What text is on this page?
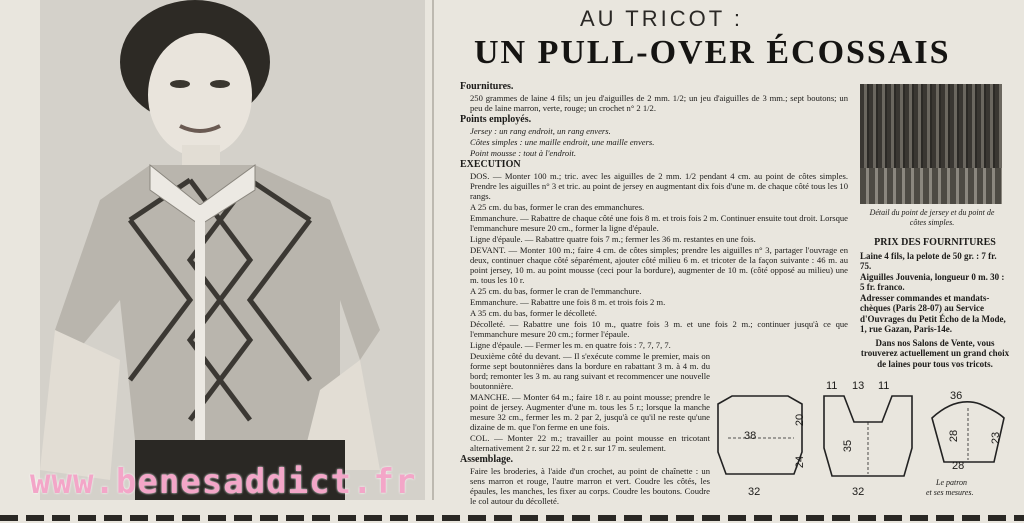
www.benesaddict.fr
AU TRICOT :
UN PULL-OVER ÉCOSSAIS
Fournitures.
250 grammes de laine 4 fils; un jeu d'aiguilles de 2 mm. 1/2; un jeu d'aiguilles de 3 mm.; sept boutons; un peu de laine marron, verte, rouge; un crochet n° 2 1/2.
Points employés.
Jersey : un rang endroit, un rang envers.
Côtes simples : une maille endroit, une maille envers.
Point mousse : tout à l'endroit.
EXECUTION
DOS. — Monter 100 m.; tric. avec les aiguilles de 2 mm. 1/2 pendant 4 cm. au point de côtes simples. Prendre les aiguilles n° 3 et tric. au point de jersey en augmentant dix fois d'une m. de chaque côté tous les 10 rangs.
A 25 cm. du bas, former le cran des emmanchures.
Emmanchure. — Rabattre de chaque côté une fois 8 m. et trois fois 2 m. Continuer ensuite tout droit. Lorsque l'emmanchure mesure 20 cm., former la ligne d'épaule.
Ligne d'épaule. — Rabattre quatre fois 7 m.; fermer les 36 m. restantes en une fois.
DEVANT. — Monter 100 m.; faire 4 cm. de côtes simples; prendre les aiguilles n° 3, partager l'ouvrage en deux, continuer chaque côté séparément, ajouter côté milieu 6 m. et tricoter de la façon suivante : 46 m. au point jersey, 10 m. au point mousse (ceci pour la bordure), augmenter de 10 m. (côté opposé au milieu) une m. tous les 10 r.
A 25 cm. du bas, former le cran de l'emmanchure.
Emmanchure. — Rabattre une fois 8 m. et trois fois 2 m.
A 35 cm. du bas, former le décolleté.
Décolleté. — Rabattre une fois 10 m., quatre fois 3 m. et une fois 2 m.; continuer jusqu'à ce que l'emmanchure mesure 20 cm.; former l'épaule.
Ligne d'épaule. — Fermer les m. en quatre fois : 7, 7, 7, 7.
Deuxième côté du devant. — Il s'exécute comme le premier, mais on forme sept boutonnières dans la bordure en rabattant 3 m. à 4 m. du bord; remonter les 3 m. au rang suivant et recommencer une nouvelle boutonnière.
MANCHE. — Monter 64 m.; faire 18 r. au point mousse; prendre le point de jersey. Augmenter d'une m. tous les 5 r.; lorsque la manche mesure 32 cm., fermer les m. 2 par 2, jusqu'à ce qu'il ne reste qu'une dizaine de m. que l'on ferme en une fois.
COL. — Monter 22 m.; travailler au point mousse en tricotant alternativement 2 r. sur 22 m. et 2 r. sur 17 m. seulement.
Assemblage.
Faire les broderies, à l'aide d'un crochet, au point de chaînette : un sens marron et rouge, l'autre marron et vert. Coudre les côtés, les épaules, les manches, les fixer au corps. Coudre les boutons. Coudre le col autour du décolleté.
Détail du point de jersey et du point de côtes simples.
PRIX DES FOURNITURES
Laine 4 fils, la pelote de 50 gr. : 7 fr. 75.
Aiguilles Jouvenia, longueur 0 m. 30 : 5 fr. franco.
Adresser commandes et mandats-chèques (Paris 28-07) au Service d'Ouvrages du Petit Écho de la Mode, 1, rue Gazan, Paris-14e.
Dans nos Salons de Vente, vous trouverez actuellement un grand choix de laines pour tous vos tricots.
38
20
32
11 13 11
35
24
32
36
28	23
28
Le patron
et ses mesures.
